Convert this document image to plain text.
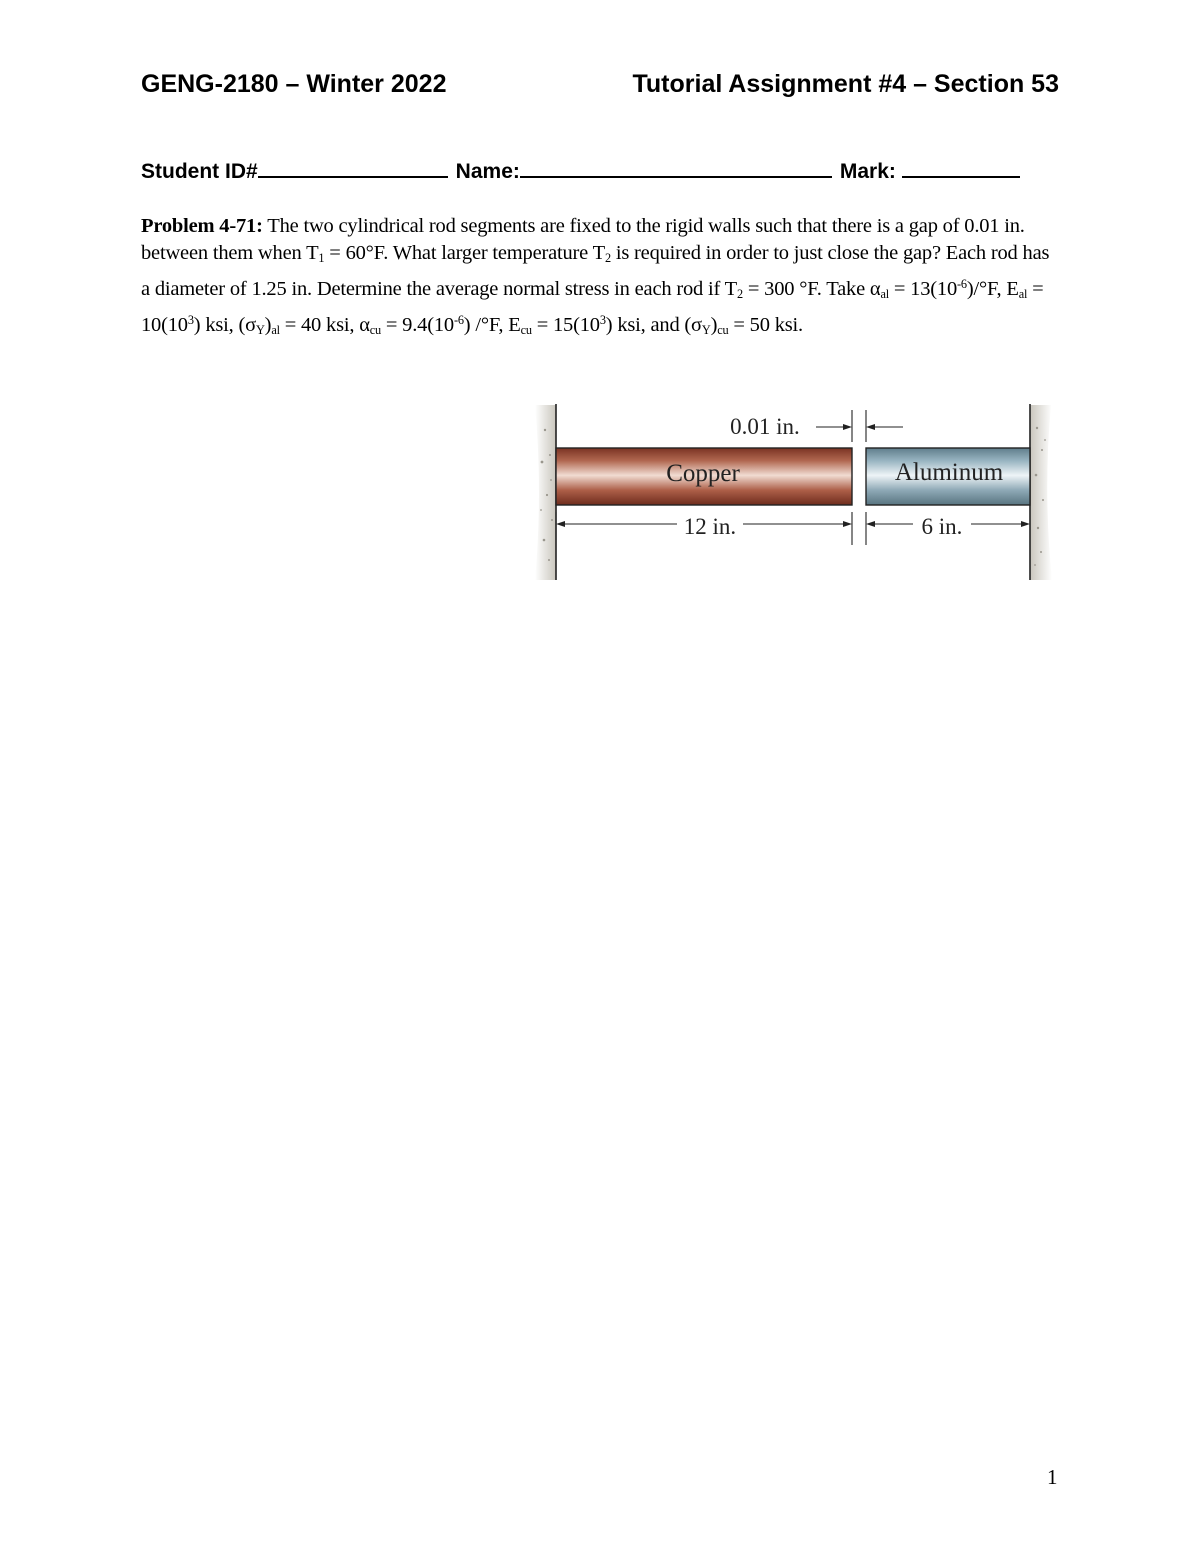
GENG-2180 – Winter 2022	Tutorial Assignment #4 – Section 53
Student ID#	Name:	Mark:

Problem 4-71: The two cylindrical rod segments are fixed to the rigid walls such that there is a gap of 0.01 in. between them when $T_1 = 60^\circ F$. What larger temperature $T_2$ is required in order to just close the gap? Each rod has a diameter of 1.25 in. Determine the average normal stress in each rod if $T_2 = 300$ °F. Take $\alpha_{al} = 13(10^{-6})/^\circ F$, $E_{al} = 10(10^3)$ ksi, $(\sigma_Y)_{al} = 40$ ksi, $\alpha_{cu} = 9.4(10^{-6})$ /°F, $E_{cu} = 15(10^3)$ ksi, and $(\sigma_Y)_{cu} = 50$ ksi.

Copper	Aluminum
0.01 in.
12 in.	6 in.
1
